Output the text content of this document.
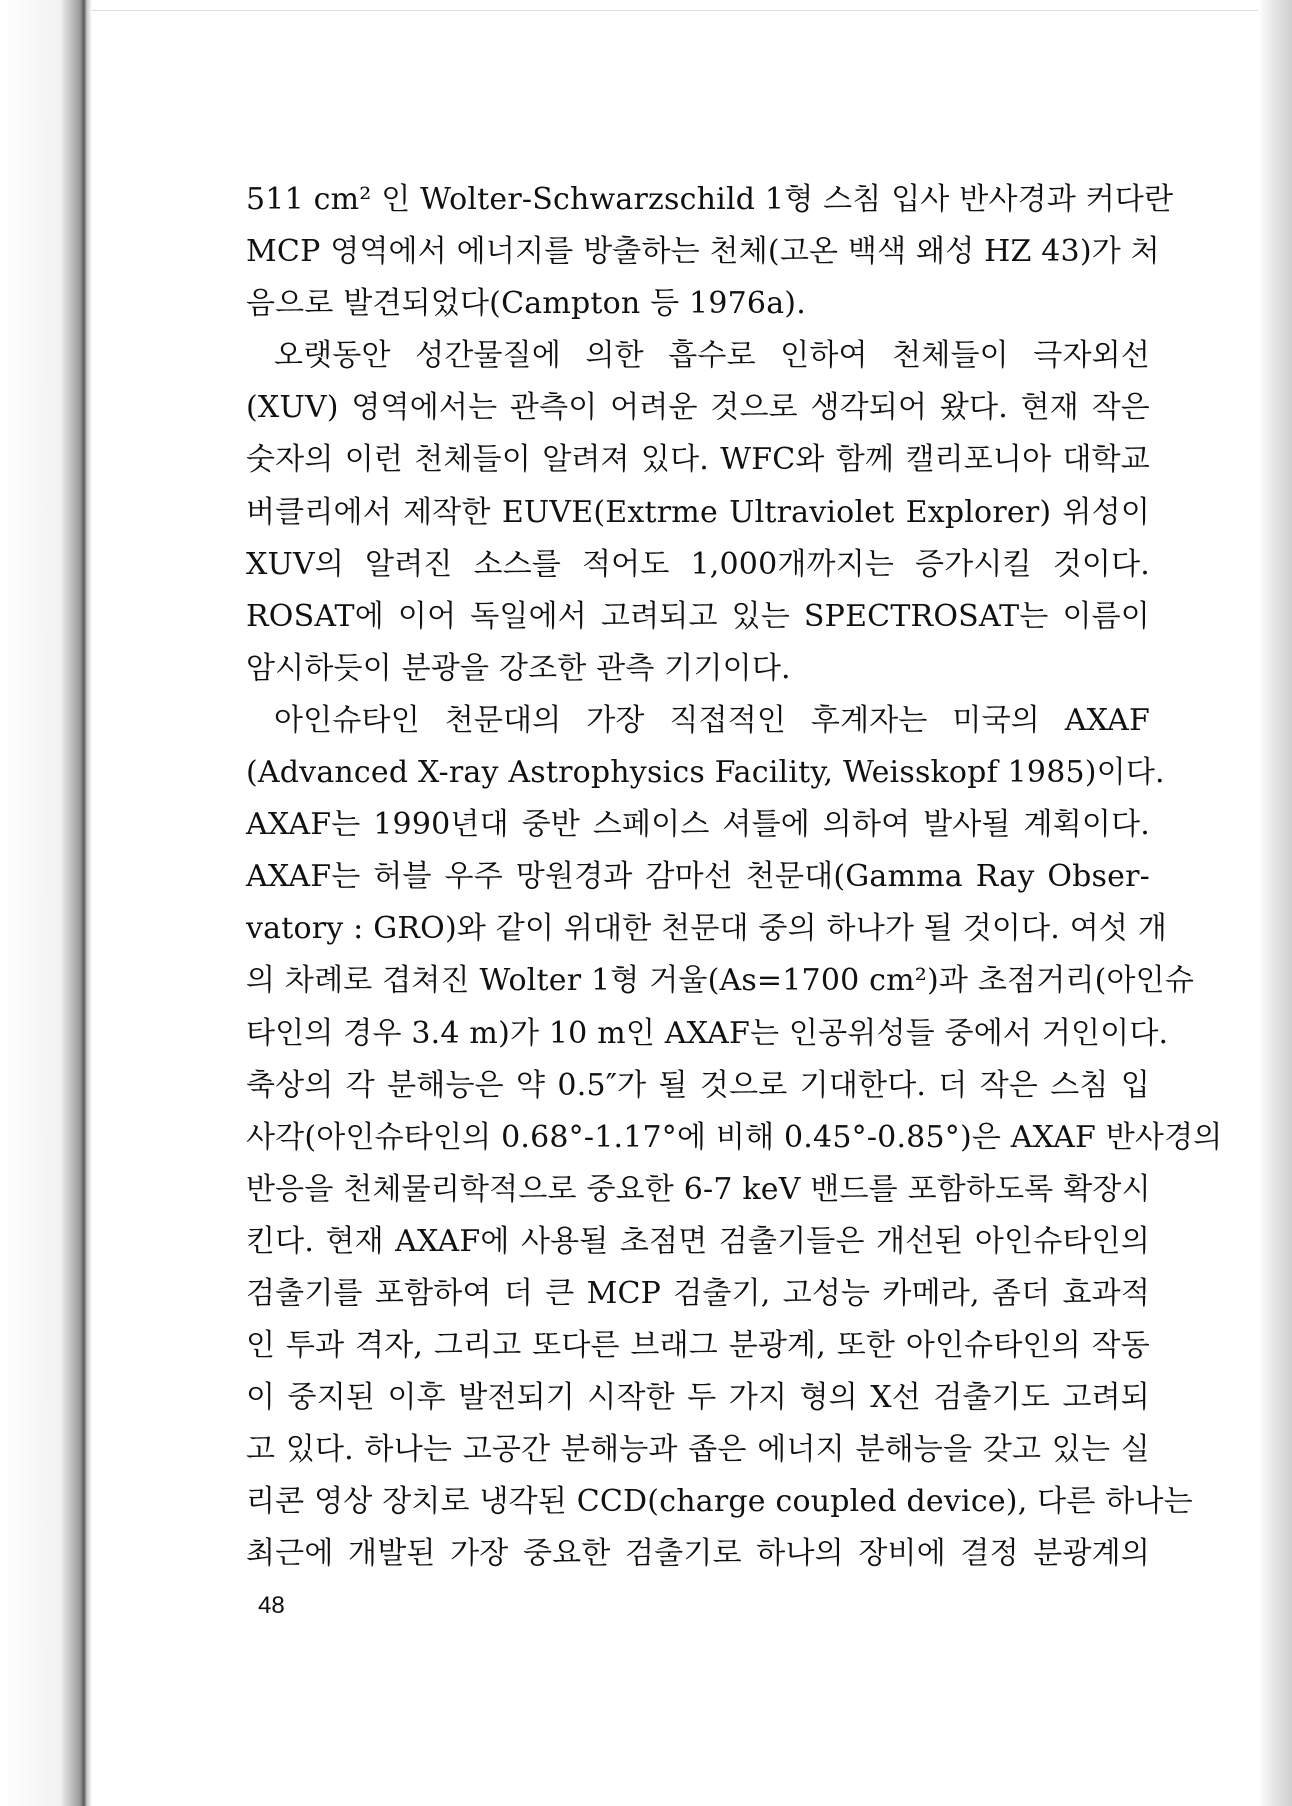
511 cm² 인 Wolter-Schwarzschild 1형 스침 입사 반사경과 커다란
MCP 영역에서 에너지를 방출하는 천체(고온 백색 왜성 HZ 43)가 처
음으로 발견되었다(Campton 등 1976a).
오랫동안 성간물질에 의한 흡수로 인하여 천체들이 극자외선
(XUV) 영역에서는 관측이 어려운 것으로 생각되어 왔다. 현재 작은
숫자의 이런 천체들이 알려져 있다. WFC와 함께 캘리포니아 대학교
버클리에서 제작한 EUVE(Extrme Ultraviolet Explorer) 위성이
XUV의 알려진 소스를 적어도 1,000개까지는 증가시킬 것이다.
ROSAT에 이어 독일에서 고려되고 있는 SPECTROSAT는 이름이
암시하듯이 분광을 강조한 관측 기기이다.
아인슈타인 천문대의 가장 직접적인 후계자는 미국의 AXAF
(Advanced X-ray Astrophysics Facility, Weisskopf 1985)이다.
AXAF는 1990년대 중반 스페이스 셔틀에 의하여 발사될 계획이다.
AXAF는 허블 우주 망원경과 감마선 천문대(Gamma Ray Obser-
vatory : GRO)와 같이 위대한 천문대 중의 하나가 될 것이다. 여섯 개
의 차례로 겹쳐진 Wolter 1형 거울(As=1700 cm²)과 초점거리(아인슈
타인의 경우 3.4 m)가 10 m인 AXAF는 인공위성들 중에서 거인이다.
축상의 각 분해능은 약 0.5″가 될 것으로 기대한다. 더 작은 스침 입
사각(아인슈타인의 0.68°-1.17°에 비해 0.45°-0.85°)은 AXAF 반사경의
반응을 천체물리학적으로 중요한 6-7 keV 밴드를 포함하도록 확장시
킨다. 현재 AXAF에 사용될 초점면 검출기들은 개선된 아인슈타인의
검출기를 포함하여 더 큰 MCP 검출기, 고성능 카메라, 좀더 효과적
인 투과 격자, 그리고 또다른 브래그 분광계, 또한 아인슈타인의 작동
이 중지된 이후 발전되기 시작한 두 가지 형의 X선 검출기도 고려되
고 있다. 하나는 고공간 분해능과 좁은 에너지 분해능을 갖고 있는 실
리콘 영상 장치로 냉각된 CCD(charge coupled device), 다른 하나는
최근에 개발된 가장 중요한 검출기로 하나의 장비에 결정 분광계의
48
